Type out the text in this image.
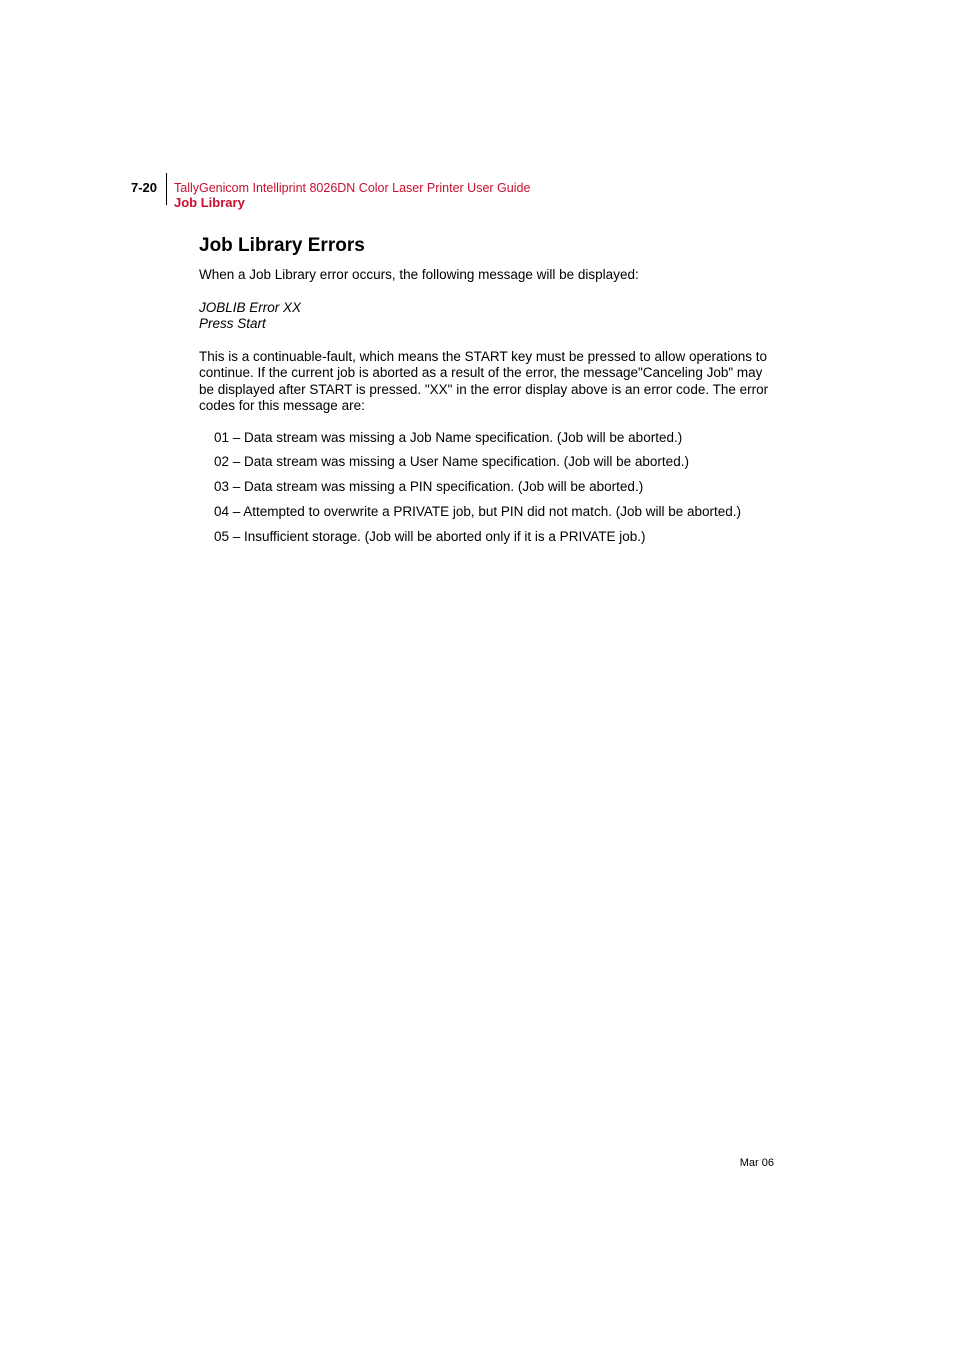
7-20 TallyGenicom Intelliprint 8026DN Color Laser Printer User Guide
Job Library
Job Library Errors

When a Job Library error occurs, the following message will be displayed:

JOBLIB Error XX

Press Start

This is a continuable-fault, which means the START key must be pressed to allow operations to continue. If the current job is aborted as a result of the error, the message"Canceling Job" may be displayed after START is pressed. "XX" in the error display above is an error code. The error codes for this message are:

01 – Data stream was missing a Job Name specification. (Job will be aborted.)
02 – Data stream was missing a User Name specification. (Job will be aborted.)
03 – Data stream was missing a PIN specification. (Job will be aborted.)
04 – Attempted to overwrite a PRIVATE job, but PIN did not match. (Job will be aborted.)
05 – Insufficient storage. (Job will be aborted only if it is a PRIVATE job.)
Mar 06
